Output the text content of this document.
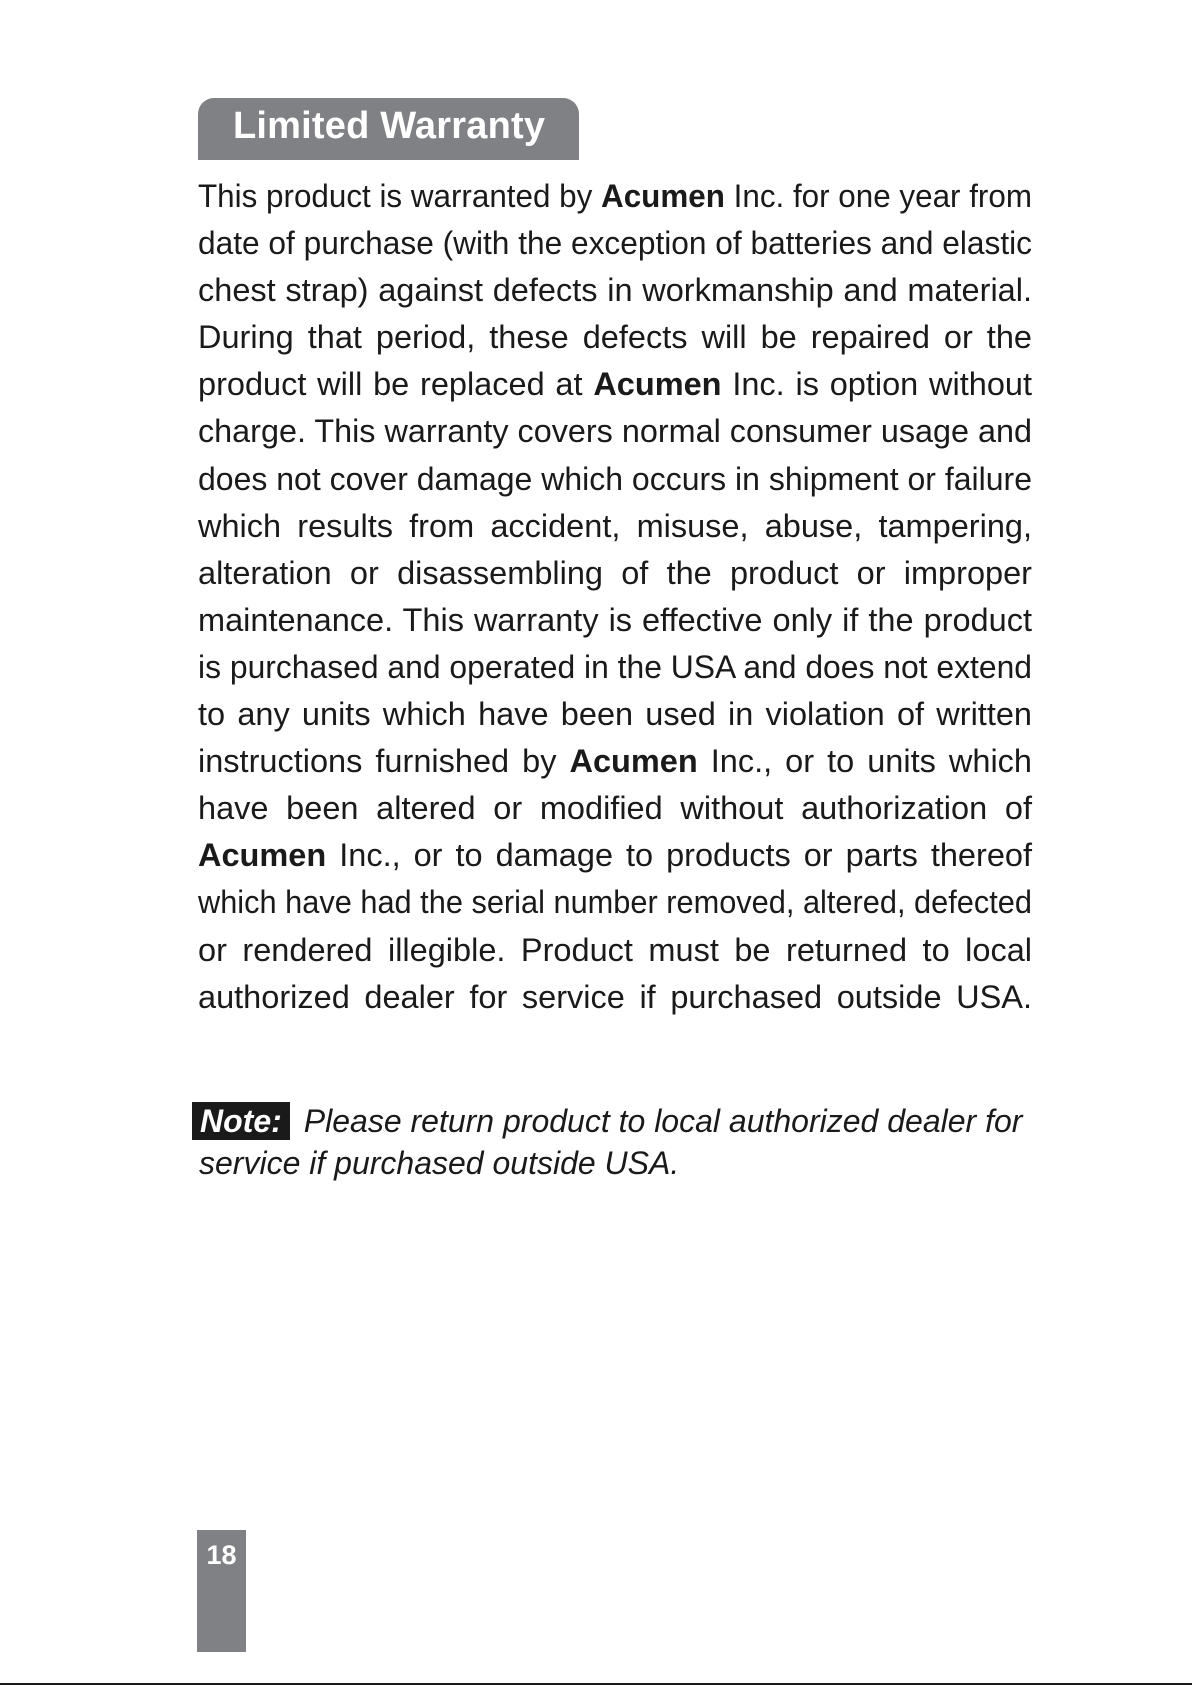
Limited Warranty
This product is warranted by Acumen Inc. for one year from
date of purchase (with the exception of batteries and elastic
chest strap) against defects in workmanship and material.
During that period, these defects will be repaired or the
product will be replaced at Acumen Inc. is option without
charge. This warranty covers normal consumer usage and
does not cover damage which occurs in shipment or failure
which results from accident, misuse, abuse, tampering,
alteration or disassembling of the product or improper
maintenance. This warranty is effective only if the product
is purchased and operated in the USA and does not extend
to any units which have been used in violation of written
instructions furnished by Acumen Inc., or to units which
have been altered or modified without authorization of
Acumen Inc., or to damage to products or parts thereof
which have had the serial number removed, altered, defected
or rendered illegible. Product must be returned to local
authorized dealer for service if purchased outside USA.
Note: Please return product to local authorized dealer for
service if purchased outside USA.
18
